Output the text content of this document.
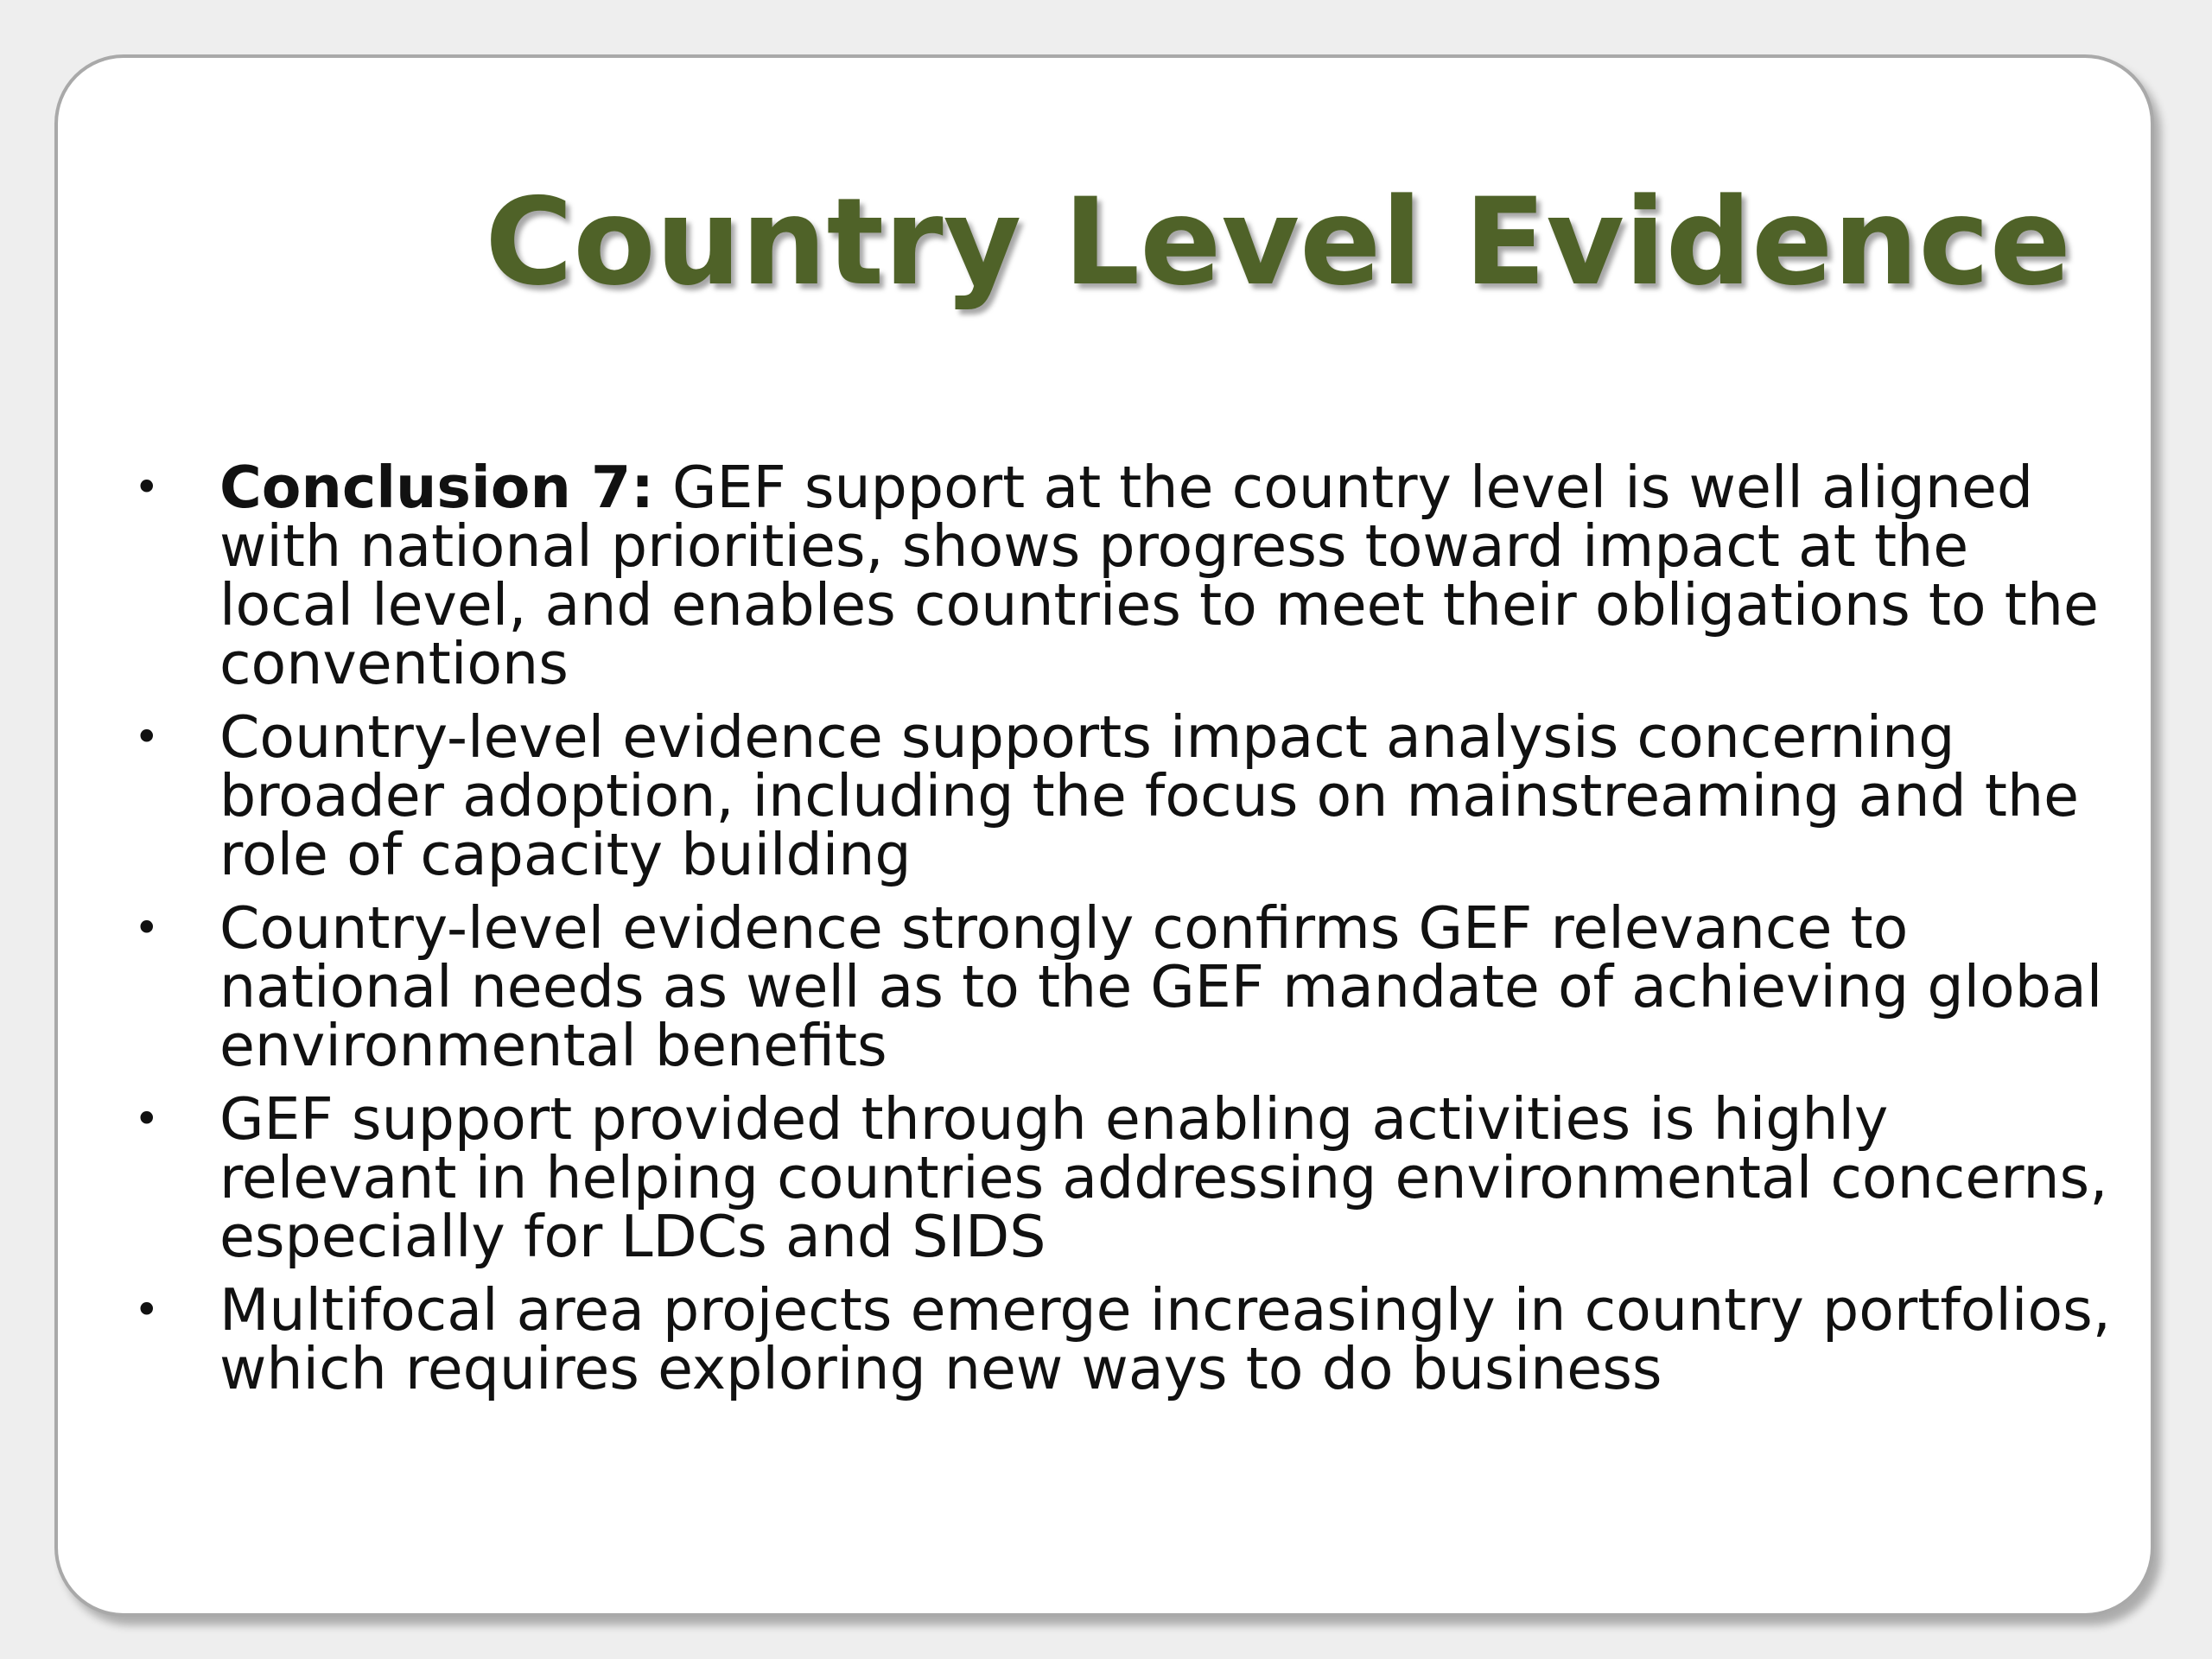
Country Level Evidence
• Conclusion 7: GEF support at the country level is well aligned with national priorities, shows progress toward impact at the local level, and enables countries to meet their obligations to the conventions
• Country-level evidence supports impact analysis concerning broader adoption, including the focus on mainstreaming and the role of capacity building
• Country-level evidence strongly confirms GEF relevance to national needs as well as to the GEF mandate of achieving global environmental benefits
• GEF support provided through enabling activities is highly relevant in helping countries addressing environmental concerns, especially for LDCs and SIDS
• Multifocal area projects emerge increasingly in country portfolios, which requires exploring new ways to do business
